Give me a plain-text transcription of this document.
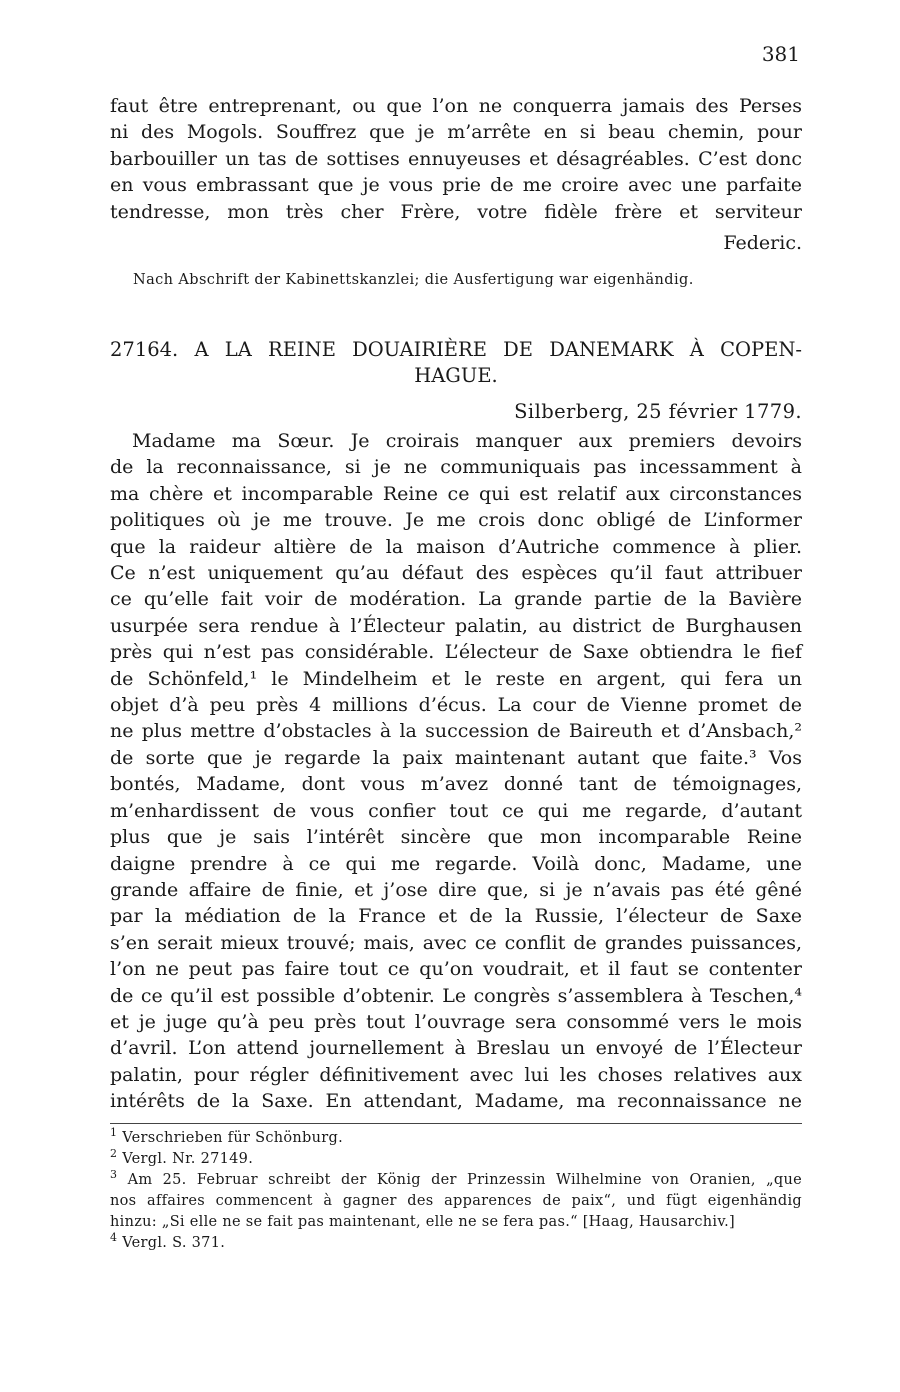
381
faut être entreprenant, ou que l’on ne conquerra jamais des Perses
ni des Mogols. Souffrez que je m’arrête en si beau chemin, pour
barbouiller un tas de sottises ennuyeuses et désagréables. C’est donc
en vous embrassant que je vous prie de me croire avec une parfaite
tendresse, mon très cher Frère, votre fidèle frère et serviteur
Federic.
Nach Abschrift der Kabinettskanzlei; die Ausfertigung war eigenhändig.
27164. A LA REINE DOUAIRIÈRE DE DANEMARK À COPEN-
HAGUE.
Silberberg, 25 février 1779.
Madame ma Sœur. Je croirais manquer aux premiers devoirs
de la reconnaissance, si je ne communiquais pas incessamment à
ma chère et incomparable Reine ce qui est relatif aux circonstances
politiques où je me trouve. Je me crois donc obligé de L’informer
que la raideur altière de la maison d’Autriche commence à plier.
Ce n’est uniquement qu’au défaut des espèces qu’il faut attribuer
ce qu’elle fait voir de modération. La grande partie de la Bavière
usurpée sera rendue à l’Électeur palatin, au district de Burghausen
près qui n’est pas considérable. L’électeur de Saxe obtiendra le fief
de Schönfeld,¹ le Mindelheim et le reste en argent, qui fera un
objet d’à peu près 4 millions d’écus. La cour de Vienne promet de
ne plus mettre d’obstacles à la succession de Baireuth et d’Ansbach,²
de sorte que je regarde la paix maintenant autant que faite.³ Vos
bontés, Madame, dont vous m’avez donné tant de témoignages,
m’enhardissent de vous confier tout ce qui me regarde, d’autant
plus que je sais l’intérêt sincère que mon incomparable Reine
daigne prendre à ce qui me regarde. Voilà donc, Madame, une
grande affaire de finie, et j’ose dire que, si je n’avais pas été gêné
par la médiation de la France et de la Russie, l’électeur de Saxe
s’en serait mieux trouvé; mais, avec ce conflit de grandes puissances,
l’on ne peut pas faire tout ce qu’on voudrait, et il faut se contenter
de ce qu’il est possible d’obtenir. Le congrès s’assemblera à Teschen,⁴
et je juge qu’à peu près tout l’ouvrage sera consommé vers le mois
d’avril. L’on attend journellement à Breslau un envoyé de l’Électeur
palatin, pour régler définitivement avec lui les choses relatives aux
intérêts de la Saxe. En attendant, Madame, ma reconnaissance ne
$^1$ Verschrieben für Schönburg.
$^2$ Vergl. Nr. 27149.
$^3$ Am 25. Februar schreibt der König der Prinzessin Wilhelmine von Oranien, „que
nos affaires commencent à gagner des apparences de paix“, und fügt eigenhändig
hinzu: „Si elle ne se fait pas maintenant, elle ne se fera pas.“ [Haag, Hausarchiv.]
$^4$ Vergl. S. 371.
